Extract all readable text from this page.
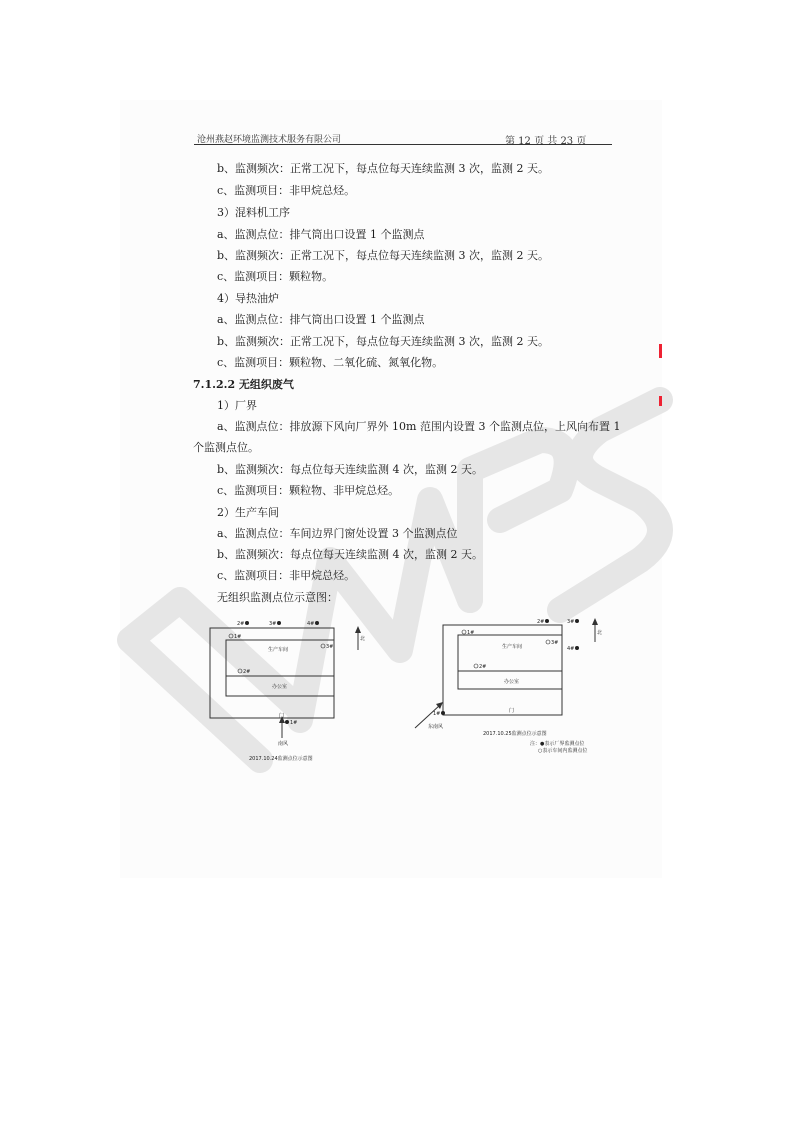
沧州燕赵环境监测技术服务有限公司	第 12 页 共 23 页
b、监测频次：正常工况下，每点位每天连续监测 3 次，监测 2 天。
c、监测项目：非甲烷总烃。
3）混料机工序
a、监测点位：排气筒出口设置 1 个监测点
b、监测频次：正常工况下，每点位每天连续监测 3 次，监测 2 天。
c、监测项目：颗粒物。
4）导热油炉
a、监测点位：排气筒出口设置 1 个监测点
b、监测频次：正常工况下，每点位每天连续监测 3 次，监测 2 天。
c、监测项目：颗粒物、二氧化硫、氮氧化物。
7.1.2.2 无组织废气
1）厂界
a、监测点位：排放源下风向厂界外 10m 范围内设置 3 个监测点位，上风向布置 1
个监测点位。
b、监测频次：每点位每天连续监测 4 次，监测 2 天。
c、监测项目：颗粒物、非甲烷总烃。
2）生产车间
a、监测点位：车间边界门窗处设置 3 个监测点位
b、监测频次：每点位每天连续监测 4 次，监测 2 天。
c、监测项目：非甲烷总烃。
无组织监测点位示意图：
2#	3#	4#
1#
1#
2#
3#
生产车间
办公室
门
南风
北
2017.10.24监测点位示意图
2#	3#
4#
1#
1#
2#
3#
生产车间
办公室
门
东南风
北
2017.10.25监测点位示意图
注：●表示厂界监测点位
○表示车间内监测点位
